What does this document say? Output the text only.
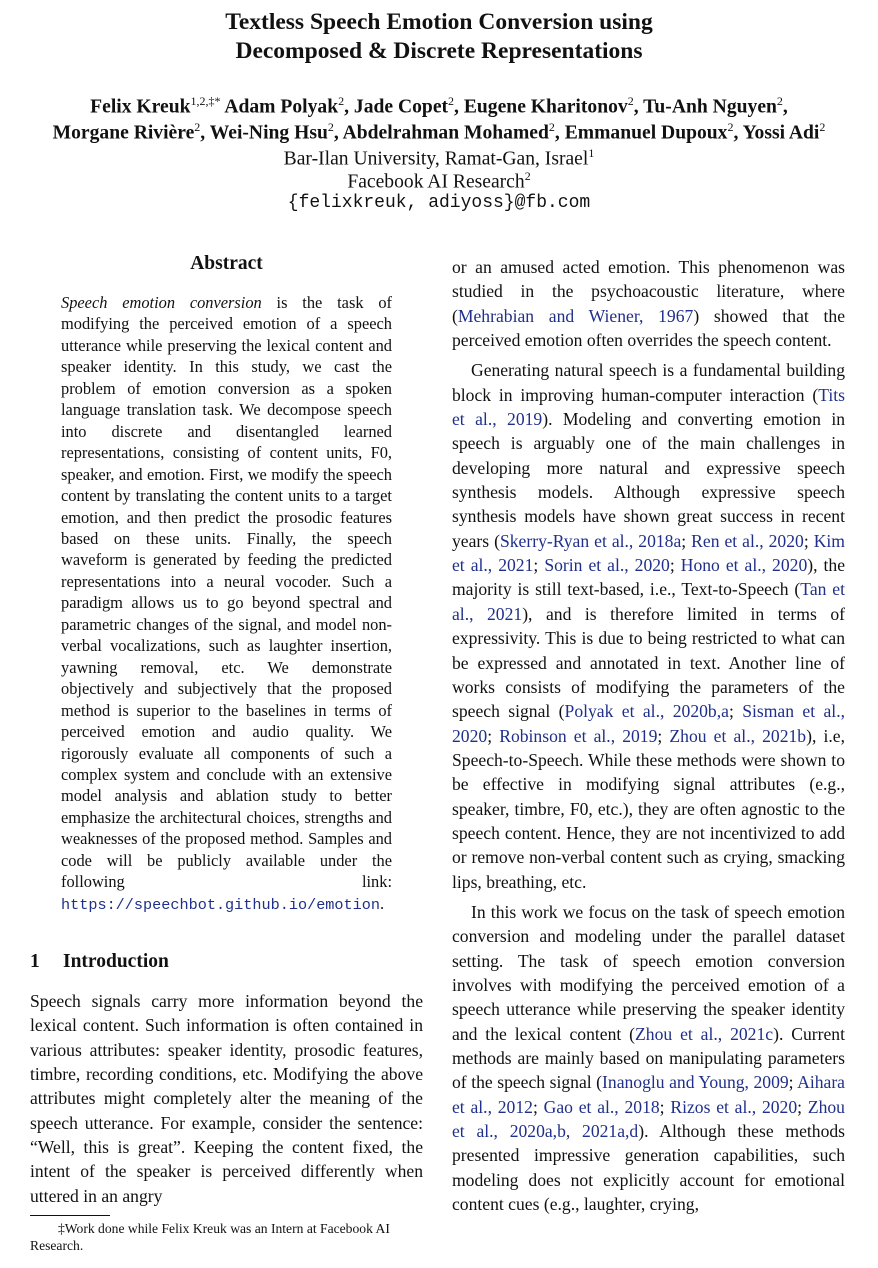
Textless Speech Emotion Conversion using
Decomposed & Discrete Representations
Felix Kreuk$^{1,2,\ddagger*}$ Adam Polyak$^2$, Jade Copet$^2$, Eugene Kharitonov$^2$, Tu-Anh Nguyen$^2$,
Morgane Rivière$^2$, Wei-Ning Hsu$^2$, Abdelrahman Mohamed$^2$, Emmanuel Dupoux$^2$, Yossi Adi$^2$
Bar-Ilan University, Ramat-Gan, Israel$^1$
Facebook AI Research$^2$
{felixkreuk, adiyoss}@fb.com
Abstract
Speech emotion conversion is the task of modifying the perceived emotion of a speech utterance while preserving the lexical content and speaker identity. In this study, we cast the problem of emotion conversion as a spoken language translation task. We decompose speech into discrete and disentangled learned representations, consisting of content units, F0, speaker, and emotion. First, we modify the speech content by translating the content units to a target emotion, and then predict the prosodic features based on these units. Finally, the speech waveform is generated by feeding the predicted representations into a neural vocoder. Such a paradigm allows us to go beyond spectral and parametric changes of the signal, and model non-verbal vocalizations, such as laughter insertion, yawning removal, etc. We demonstrate objectively and subjectively that the proposed method is superior to the baselines in terms of perceived emotion and audio quality. We rigorously evaluate all components of such a complex system and conclude with an extensive model analysis and ablation study to better emphasize the architectural choices, strengths and weaknesses of the proposed method. Samples and code will be publicly available under the following link: https://speechbot.github.io/emotion.
1 Introduction

Speech signals carry more information beyond the lexical content. Such information is often contained in various attributes: speaker identity, prosodic features, timbre, recording conditions, etc. Modifying the above attributes might completely alter the meaning of the speech utterance. For example, consider the sentence: “Well, this is great”. Keeping the content fixed, the intent of the speaker is perceived differently when uttered in an angry

or an amused acted emotion. This phenomenon was studied in the psychoacoustic literature, where (Mehrabian and Wiener, 1967) showed that the perceived emotion often overrides the speech content.

Generating natural speech is a fundamental building block in improving human-computer interaction (Tits et al., 2019). Modeling and converting emotion in speech is arguably one of the main challenges in developing more natural and expressive speech synthesis models. Although expressive speech synthesis models have shown great success in recent years (Skerry-Ryan et al., 2018a; Ren et al., 2020; Kim et al., 2021; Sorin et al., 2020; Hono et al., 2020), the majority is still text-based, i.e., Text-to-Speech (Tan et al., 2021), and is therefore limited in terms of expressivity. This is due to being restricted to what can be expressed and annotated in text. Another line of works consists of modifying the parameters of the speech signal (Polyak et al., 2020b,a; Sisman et al., 2020; Robinson et al., 2019; Zhou et al., 2021b), i.e, Speech-to-Speech. While these methods were shown to be effective in modifying signal attributes (e.g., speaker, timbre, F0, etc.), they are often agnostic to the speech content. Hence, they are not incentivized to add or remove non-verbal content such as crying, smacking lips, breathing, etc.

In this work we focus on the task of speech emotion conversion and modeling under the parallel dataset setting. The task of speech emotion conversion involves with modifying the perceived emotion of a speech utterance while preserving the speaker identity and the lexical content (Zhou et al., 2021c). Current methods are mainly based on manipulating parameters of the speech signal (Inanoglu and Young, 2009; Aihara et al., 2012; Gao et al., 2018; Rizos et al., 2020; Zhou et al., 2020a,b, 2021a,d). Although these methods presented impressive generation capabilities, such modeling does not explicitly account for emotional content cues (e.g., laughter, crying,

‡Work done while Felix Kreuk was an Intern at Facebook AI Research.
